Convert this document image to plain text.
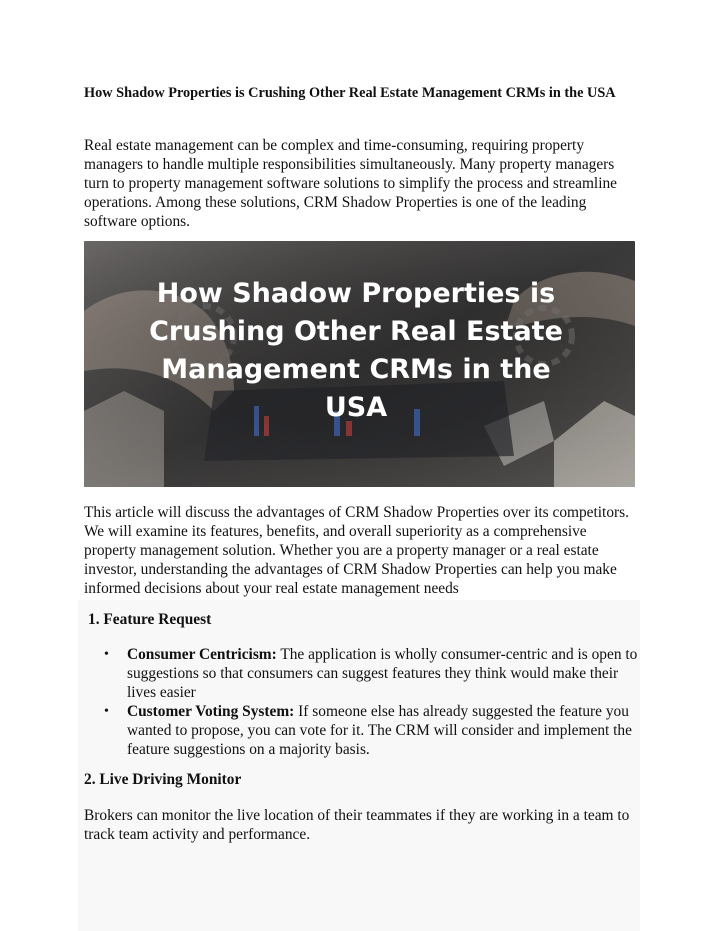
How Shadow Properties is Crushing Other Real Estate Management CRMs in the USA

Real estate management can be complex and time-consuming, requiring property managers to handle multiple responsibilities simultaneously. Many property managers turn to property management software solutions to simplify the process and streamline operations. Among these solutions, CRM Shadow Properties is one of the leading software options.

How Shadow Properties is
Crushing Other Real Estate
Management CRMs in the
USA

This article will discuss the advantages of CRM Shadow Properties over its competitors. We will examine its features, benefits, and overall superiority as a comprehensive property management solution. Whether you are a property manager or a real estate investor, understanding the advantages of CRM Shadow Properties can help you make informed decisions about your real estate management needs

1. Feature Request
• Consumer Centricism: The application is wholly consumer-centric and is open to suggestions so that consumers can suggest features they think would make their lives easier
• Customer Voting System: If someone else has already suggested the feature you wanted to propose, you can vote for it. The CRM will consider and implement the feature suggestions on a majority basis.
2. Live Driving Monitor

Brokers can monitor the live location of their teammates if they are working in a team to track team activity and performance.
